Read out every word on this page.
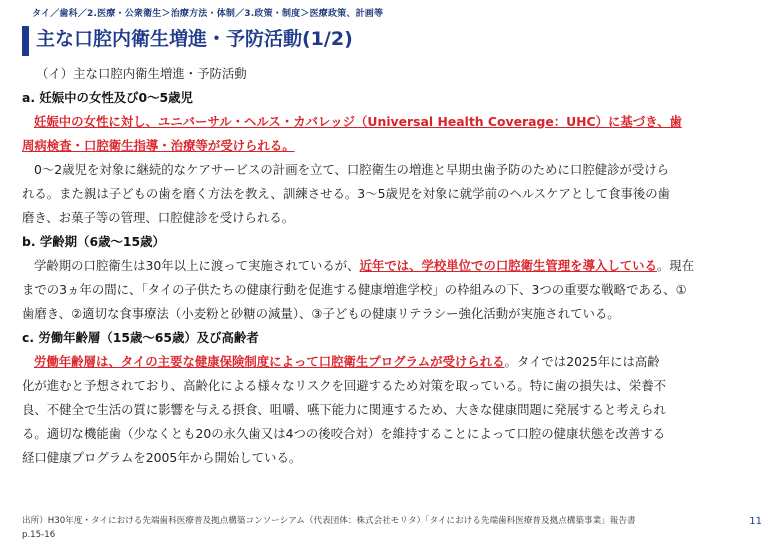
タイ／歯科／2.医療・公衆衛生＞治療方法・体制／3.政策・制度＞医療政策、計画等
主な口腔内衛生増進・予防活動(1/2)
（イ）主な口腔内衛生増進・予防活動
a. 妊娠中の女性及び0～5歳児
妊娠中の女性に対し、ユニバーサル・ヘルス・カバレッジ（Universal Health Coverage：UHC）に基づき、歯
周病検査・口腔衛生指導・治療等が受けられる。
0～2歳児を対象に継続的なケアサービスの計画を立て、口腔衛生の増進と早期虫歯予防のために口腔健診が受けら
れる。また親は子どもの歯を磨く方法を教え、訓練させる。3～5歳児を対象に就学前のヘルスケアとして食事後の歯
磨き、お菓子等の管理、口腔健診を受けられる。
b. 学齢期（6歳～15歳）
学齢期の口腔衛生は30年以上に渡って実施されているが、近年では、学校単位での口腔衛生管理を導入している。現在
までの3ヵ年の間に、「タイの子供たちの健康行動を促進する健康増進学校」の枠組みの下、3つの重要な戦略である、①
歯磨き、②適切な食事療法（小麦粉と砂糖の減量）、③子どもの健康リテラシー強化活動が実施されている。
c. 労働年齢層（15歳～65歳）及び高齢者
労働年齢層は、タイの主要な健康保険制度によって口腔衛生プログラムが受けられる。タイでは2025年には高齢
化が進むと予想されており、高齢化による様々なリスクを回避するため対策を取っている。特に歯の損失は、栄養不
良、不健全で生活の質に影響を与える摂食、咀嚼、嚥下能力に関連するため、大きな健康問題に発展すると考えられ
る。適切な機能歯（少なくとも20の永久歯又は4つの後咬合対）を維持することによって口腔の健康状態を改善する
経口健康プログラムを2005年から開始している。
出所）H30年度・タイにおける先端歯科医療普及拠点構築コンソーシアム（代表団体：株式会社モリタ）「タイにおける先端歯科医療普及拠点構築事業」報告書
p.15-16
11
